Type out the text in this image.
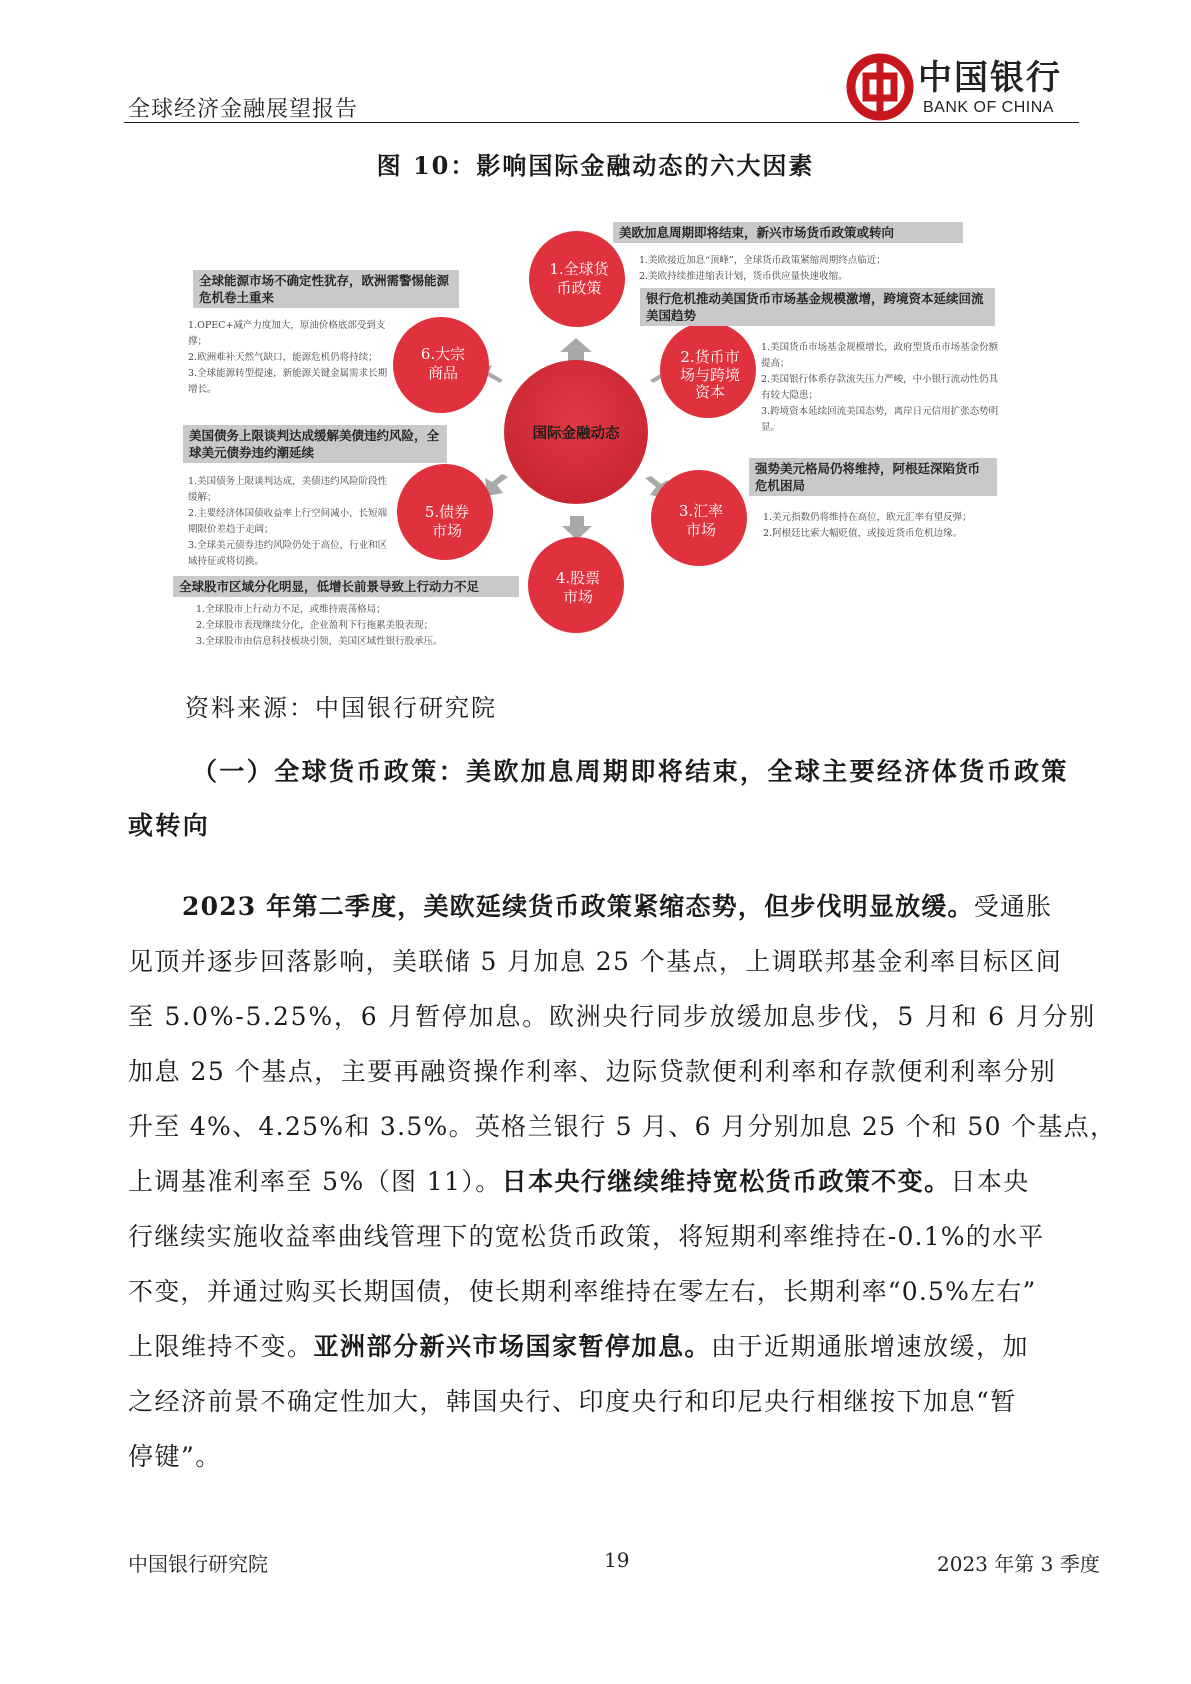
全球经济金融展望报告
中国银行
BANK OF CHINA
图 10：影响国际金融动态的六大因素
国际金融动态
1.全球货
币政策
2.货币市
场与跨境
资本
3.汇率
市场
4.股票
市场
5.债券
市场
6.大宗
商品
美欧加息周期即将结束，新兴市场货币政策或转向
1.美欧接近加息“顶峰”，全球货币政策紧缩周期终点临近；
2.美欧持续推进缩表计划，货币供应量快速收缩。
银行危机推动美国货币市场基金规模激增，跨境资本延续回流美国趋势
1.美国货币市场基金规模增长，政府型货币市场基金份额提高；
2.美国银行体系存款流失压力严峻，中小银行流动性仍具有较大隐患；
3.跨境资本延续回流美国态势，离岸日元信用扩张态势明显。
强势美元格局仍将维持，阿根廷深陷货币危机困局
1.美元指数仍将维持在高位，欧元汇率有望反弹；
2.阿根廷比索大幅贬值，或接近货币危机边缘。
全球股市区域分化明显，低增长前景导致上行动力不足
1.全球股市上行动力不足，或维持震荡格局；
2.全球股市表现继续分化，企业盈利下行拖累美股表现；
3.全球股市由信息科技板块引领，美国区域性银行股承压。
美国债务上限谈判达成缓解美债违约风险，全球美元债券违约潮延续
1.美国债务上限谈判达成，美债违约风险阶段性缓解；
2.主要经济体国债收益率上行空间减小，长短端期限价差趋于走阔；
3.全球美元债券违约风险仍处于高位，行业和区域持征或将切换。
全球能源市场不确定性犹存，欧洲需警惕能源危机卷土重来
1.OPEC+减产力度加大，原油价格底部受到支撑；
2.欧洲难补天然气缺口，能源危机仍将持续；
3.全球能源转型提速，新能源关键金属需求长期增长。
资料来源：中国银行研究院
（一）全球货币政策：美欧加息周期即将结束，全球主要经济体货币政策
或转向

2023 年第二季度，美欧延续货币政策紧缩态势，但步伐明显放缓。受通胀

见顶并逐步回落影响，美联储 5 月加息 25 个基点，上调联邦基金利率目标区间

至 5.0%-5.25%，6 月暂停加息。欧洲央行同步放缓加息步伐，5 月和 6 月分别

加息 25 个基点，主要再融资操作利率、边际贷款便利利率和存款便利利率分别

升至 4%、4.25%和 3.5%。英格兰银行 5 月、6 月分别加息 25 个和 50 个基点，

上调基准利率至 5%（图 11）。日本央行继续维持宽松货币政策不变。日本央

行继续实施收益率曲线管理下的宽松货币政策，将短期利率维持在-0.1%的水平

不变，并通过购买长期国债，使长期利率维持在零左右，长期利率“0.5%左右”

上限维持不变。亚洲部分新兴市场国家暂停加息。由于近期通胀增速放缓，加

之经济前景不确定性加大，韩国央行、印度央行和印尼央行相继按下加息“暂

停键”。

中国银行研究院	19	2023 年第 3 季度
